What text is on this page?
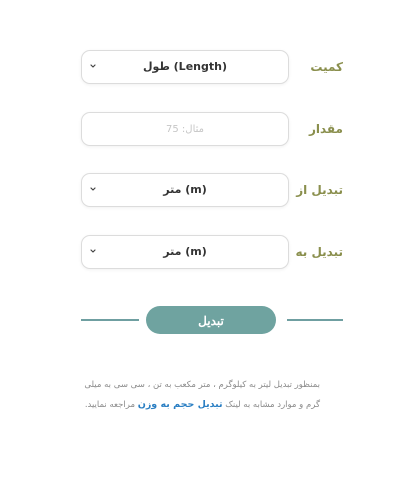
کمیت
طول (Length)
مقدار
مثال: 75
تبدیل از
متر (m)
تبدیل به
متر (m)
تبدیل
بمنظور تبدیل لیتر به کیلوگرم ، متر مکعب به تن ، سی سی به میلی گرم و موارد مشابه به لینک تبدیل حجم به وزن مراجعه نمایید.
